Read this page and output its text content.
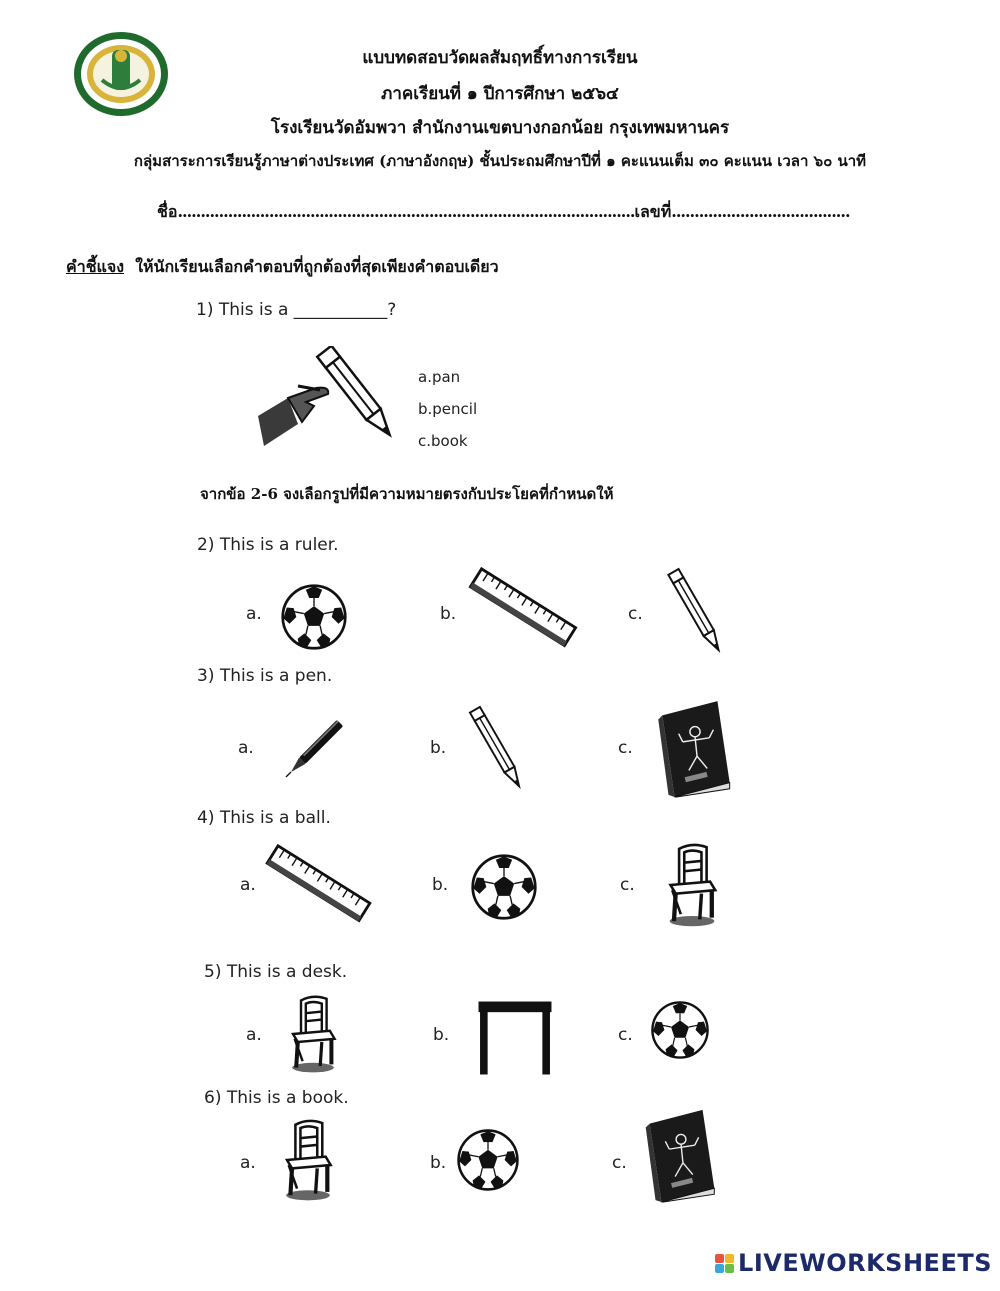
แบบทดสอบวัดผลสัมฤทธิ์ทางการเรียน
ภาคเรียนที่ ๑ ปีการศึกษา ๒๕๖๔
โรงเรียนวัดอัมพวา สำนักงานเขตบางกอกน้อย กรุงเทพมหานคร
กลุ่มสาระการเรียนรู้ภาษาต่างประเทศ (ภาษาอังกฤษ) ชั้นประถมศึกษาปีที่ ๑ คะแนนเต็ม ๓๐ คะแนน เวลา ๖๐ นาที
ชื่อ....................................................................................................เลขที่.......................................
คำชี้แจง ให้นักเรียนเลือกคำตอบที่ถูกต้องที่สุดเพียงคำตอบเดียว
1) This is a ___________?
a.pan
b.pencil
c.book
จากข้อ 2-6 จงเลือกรูปที่มีความหมายตรงกับประโยคที่กำหนดให้
2) This is a ruler.
a.	b.	c.
3) This is a pen.
a.	b.	c.
4) This is a ball.
a.	b.	c.
5) This is a desk.
a.	b.	c.
6) This is a book.
a.	b.	c.
LIVEWORKSHEETS
